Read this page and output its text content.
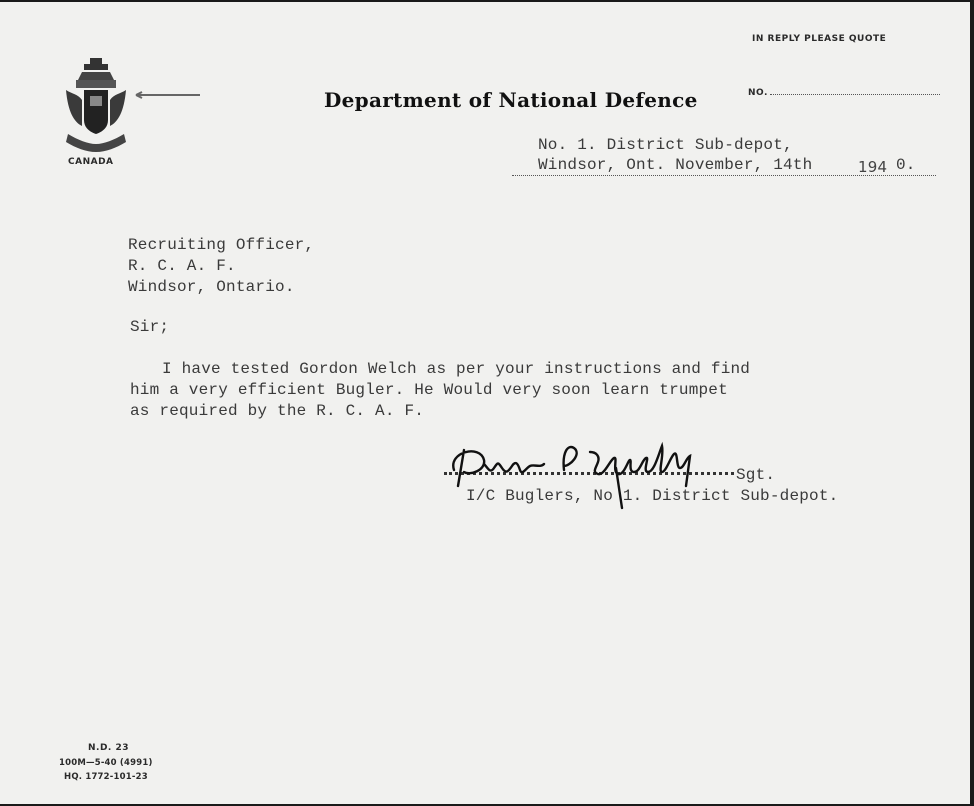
CANADA

Department of National Defence

IN REPLY PLEASE QUOTE

NO.

No. 1. District Sub-depot,

Windsor, Ont. November, 14th

	194

0.

Recruiting Officer,

R. C. A. F.

Windsor, Ontario.

Sir;

I have tested Gordon Welch as per your instructions and find

him a very efficient Bugler. He Would very soon learn trumpet

as required by the R. C. A. F.

Sgt.

I/C Buglers, No 1. District Sub-depot.

N.D. 23

100M—5-40 (4991)

HQ. 1772-101-23
